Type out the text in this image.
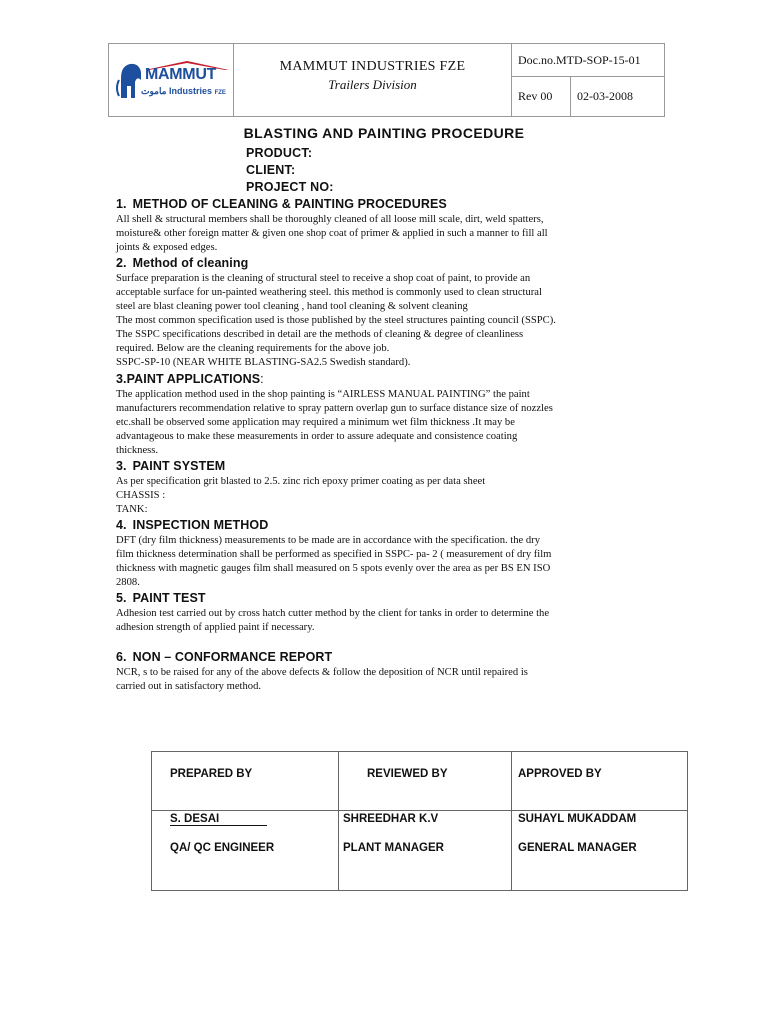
MAMMUT
ماموت Industries FZE
MAMMUT INDUSTRIES FZE
Trailers Division
Doc.no.MTD-SOP-15-01
Rev 00	02-03-2008
BLASTING AND PAINTING PROCEDURE
PRODUCT:
CLIENT:
PROJECT NO:
1. METHOD OF CLEANING & PAINTING PROCEDURES
All shell & structural members shall be thoroughly cleaned of all loose mill scale, dirt, weld spatters,
moisture& other foreign matter & given one shop coat of primer & applied in such a manner to fill all
joints & exposed edges.
2. Method of cleaning
Surface preparation is the cleaning of structural steel to receive a shop coat of paint, to provide an
acceptable surface for un-painted weathering steel. this method is commonly used to clean structural
steel are blast cleaning power tool cleaning , hand tool cleaning & solvent cleaning
The most common specification used is those published by the steel structures painting council (SSPC).
The SSPC specifications described in detail are the methods of cleaning & degree of cleanliness
required. Below are the cleaning requirements for the above job.
SSPC-SP-10 (NEAR WHITE BLASTING-SA2.5 Swedish standard).
3.PAINT APPLICATIONS:
The application method used in the shop painting is “AIRLESS MANUAL PAINTING” the paint
manufacturers recommendation relative to spray pattern overlap gun to surface distance size of nozzles
etc.shall be observed some application may required a minimum wet film thickness .It may be
advantageous to make these measurements in order to assure adequate and consistence coating
thickness.
3. PAINT SYSTEM
As per specification grit blasted to 2.5. zinc rich epoxy primer coating as per data sheet
CHASSIS :
TANK:
4. INSPECTION METHOD
DFT (dry film thickness) measurements to be made are in accordance with the specification. the dry
film thickness determination shall be performed as specified in SSPC- pa- 2 ( measurement of dry film
thickness with magnetic gauges film shall measured on 5 spots evenly over the area as per BS EN ISO
2808.
5. PAINT TEST
Adhesion test carried out by cross hatch cutter method by the client for tanks in order to determine the
adhesion strength of applied paint if necessary.
6. NON – CONFORMANCE REPORT
NCR, s to be raised for any of the above defects & follow the deposition of NCR until repaired is
carried out in satisfactory method.
PREPARED BY	REVIEWED BY	APPROVED BY
S. DESAI	SHREEDHAR K.V	SUHAYL MUKADDAM
QA/ QC ENGINEER	PLANT MANAGER	GENERAL MANAGER
